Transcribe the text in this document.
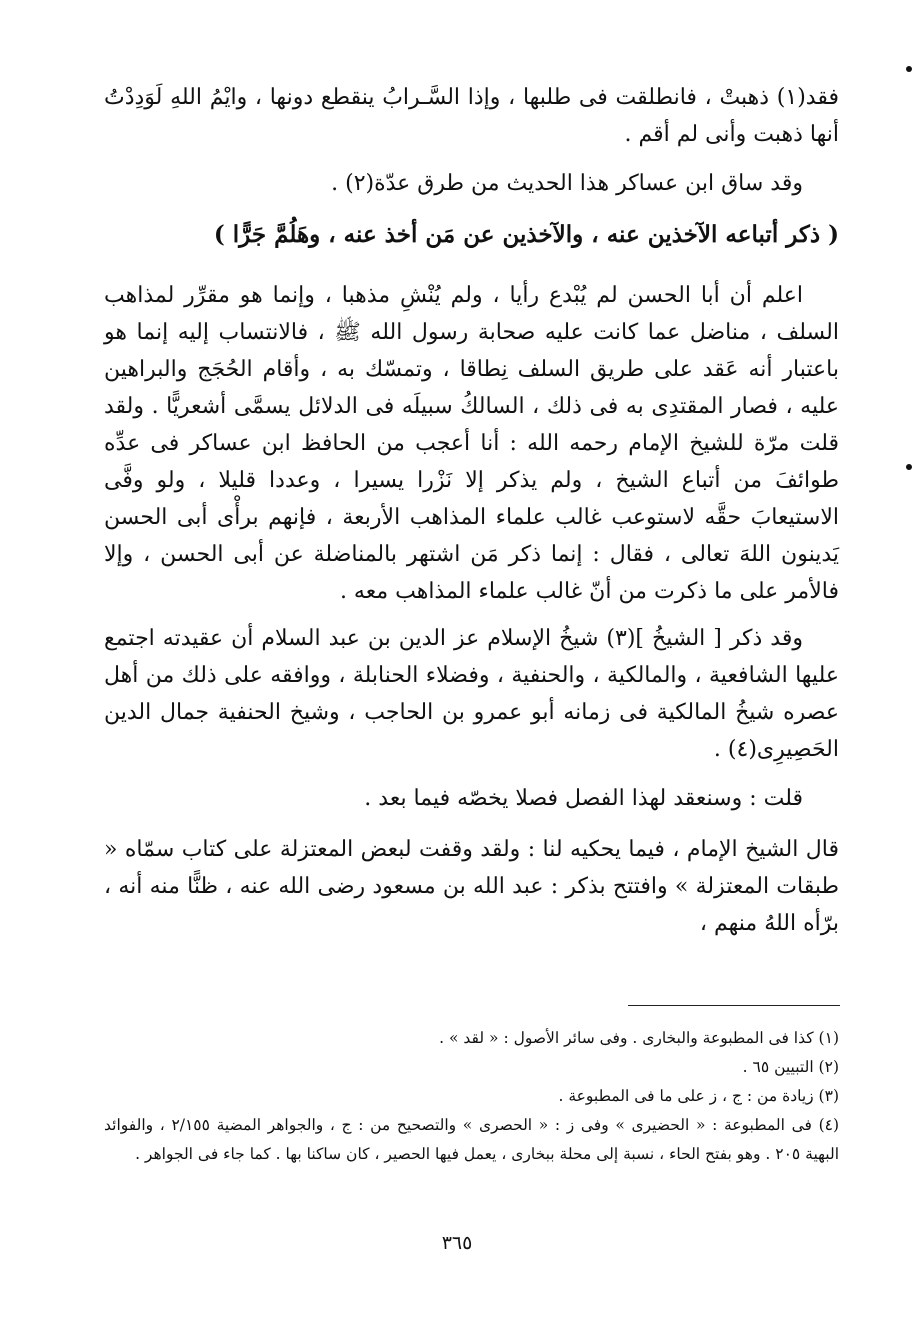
فقد(١) ذهبتْ ، فانطلقت فى طلبها ، وإذا السَّـرابُ ينقطع دونها ، وايْمُ اللهِ لَوَدِدْتُ أنها ذهبت وأنى لم أقم .

وقد ساق ابن عساكر هذا الحديث من طرق عدّة(٢) .

( ذكر أتباعه الآخذين عنه ، والآخذين عن مَن أخذ عنه ، وهَلُمَّ جَرًّا )

اعلم أن أبا الحسن لم يُبْدع رأيا ، ولم يُنْشِ مذهبا ، وإنما هو مقرِّر لمذاهب السلف ، مناضل عما كانت عليه صحابة رسول الله ﷺ ، فالانتساب إليه إنما هو باعتبار أنه عَقد على طريق السلف نِطاقا ، وتمسّك به ، وأقام الحُجَج والبراهين عليه ، فصار المقتدِى به فى ذلك ، السالكُ سبيلَه فى الدلائل يسمَّى أشعريًّا . ولقد قلت مرّة للشيخ الإمام رحمه الله : أنا أعجب من الحافظ ابن عساكر فى عدِّه طوائفَ من أتباع الشيخ ، ولم يذكر إلا نَزْرا يسيرا ، وعددا قليلا ، ولو وفَّى الاستيعابَ حقَّه لاستوعب غالب علماء المذاهب الأربعة ، فإنهم برأْى أبى الحسن يَدينون اللهَ تعالى ، فقال : إنما ذكر مَن اشتهر بالمناضلة عن أبى الحسن ، وإلا فالأمر على ما ذكرت من أنّ غالب علماء المذاهب معه .

وقد ذكر [ الشيخُ ](٣) شيخُ الإسلام عز الدين بن عبد السلام أن عقيدته اجتمع عليها الشافعية ، والمالكية ، والحنفية ، وفضلاء الحنابلة ، ووافقه على ذلك من أهل عصره شيخُ المالكية فى زمانه أبو عمرو بن الحاجب ، وشيخ الحنفية جمال الدين الحَصِيرِى(٤) .

قلت : وسنعقد لهذا الفصل فصلا يخصّه فيما بعد .

قال الشيخ الإمام ، فيما يحكيه لنا : ولقد وقفت لبعض المعتزلة على كتاب سمّاه « طبقات المعتزلة » وافتتح بذكر : عبد الله بن مسعود رضى الله عنه ، ظنًّا منه أنه ، برّأه اللهُ منهم ،

(١) كذا فى المطبوعة والبخارى . وفى سائر الأصول : « لقد » .

(٢) التبيين ٦٥ .

(٣) زيادة من : ج ، ز على ما فى المطبوعة .

(٤) فى المطبوعة : « الحضيرى » وفى ز : « الحصرى » والتصحيح من : ج ، والجواهر المضية ٢/١٥٥ ، والفوائد البهية ٢٠٥ . وهو بفتح الحاء ، نسبة إلى محلة ببخارى ، يعمل فيها الحصير ، كان ساكنا بها . كما جاء فى الجواهر .

٣٦٥
